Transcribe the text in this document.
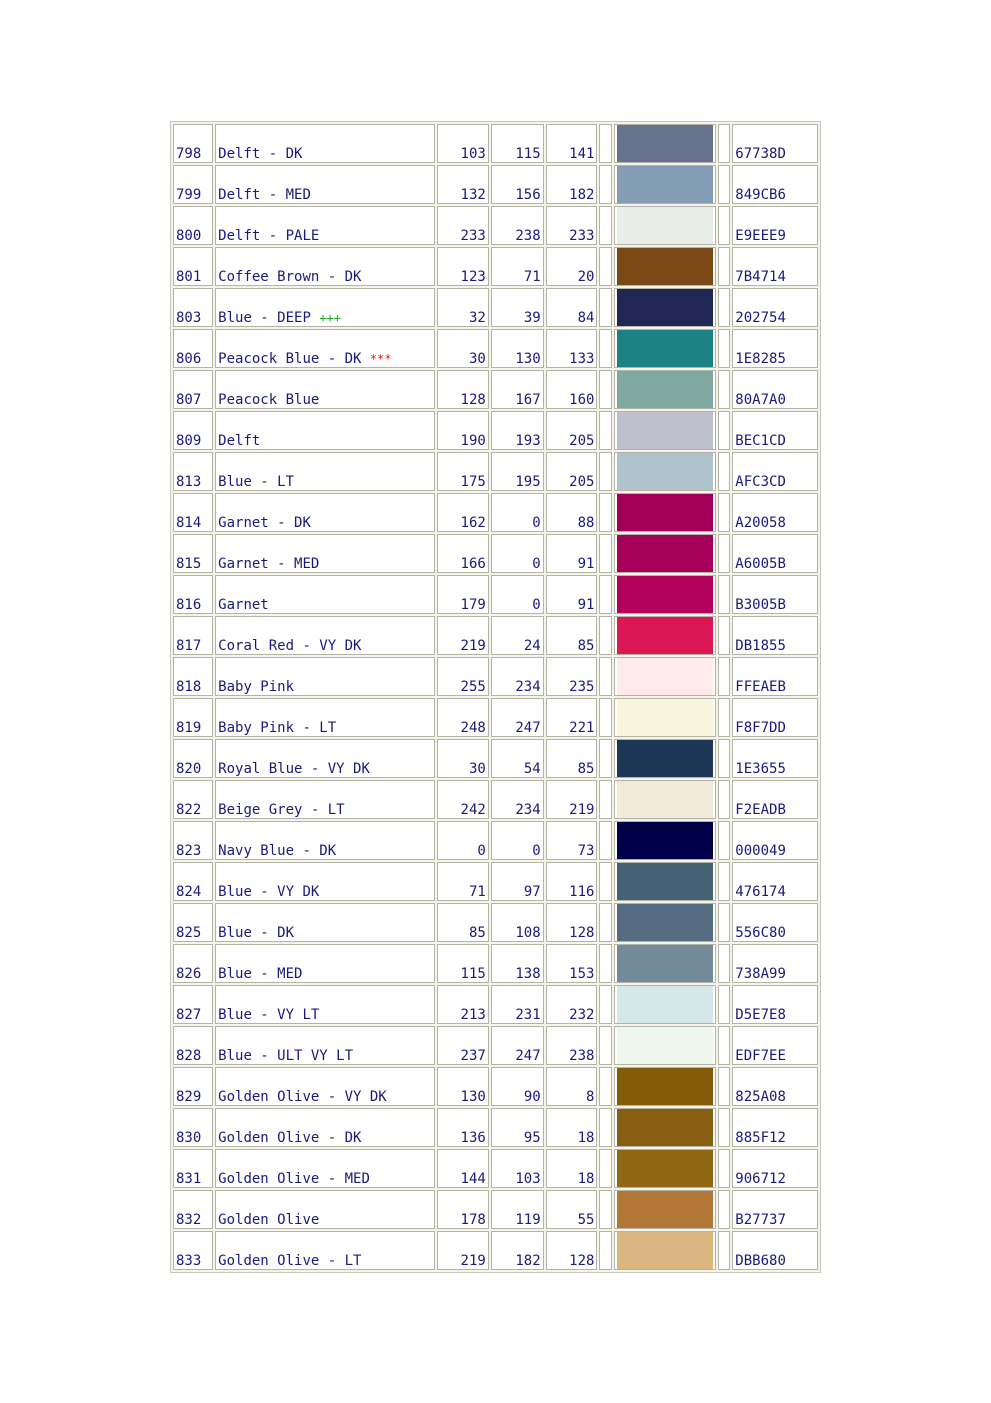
798	Delft - DK	103	115	141				67738D
799	Delft - MED	132	156	182				849CB6
800	Delft - PALE	233	238	233				E9EEE9
801	Coffee Brown - DK	123	71	20				7B4714
803	Blue - DEEP +++	32	39	84				202754
806	Peacock Blue - DK ***	30	130	133				1E8285
807	Peacock Blue	128	167	160				80A7A0
809	Delft	190	193	205				BEC1CD
813	Blue - LT	175	195	205				AFC3CD
814	Garnet - DK	162	0	88				A20058
815	Garnet - MED	166	0	91				A6005B
816	Garnet	179	0	91				B3005B
817	Coral Red - VY DK	219	24	85				DB1855
818	Baby Pink	255	234	235				FFEAEB
819	Baby Pink - LT	248	247	221				F8F7DD
820	Royal Blue - VY DK	30	54	85				1E3655
822	Beige Grey - LT	242	234	219				F2EADB
823	Navy Blue - DK	0	0	73				000049
824	Blue - VY DK	71	97	116				476174
825	Blue - DK	85	108	128				556C80
826	Blue - MED	115	138	153				738A99
827	Blue - VY LT	213	231	232				D5E7E8
828	Blue - ULT VY LT	237	247	238				EDF7EE
829	Golden Olive - VY DK	130	90	8				825A08
830	Golden Olive - DK	136	95	18				885F12
831	Golden Olive - MED	144	103	18				906712
832	Golden Olive	178	119	55				B27737
833	Golden Olive - LT	219	182	128				DBB680
